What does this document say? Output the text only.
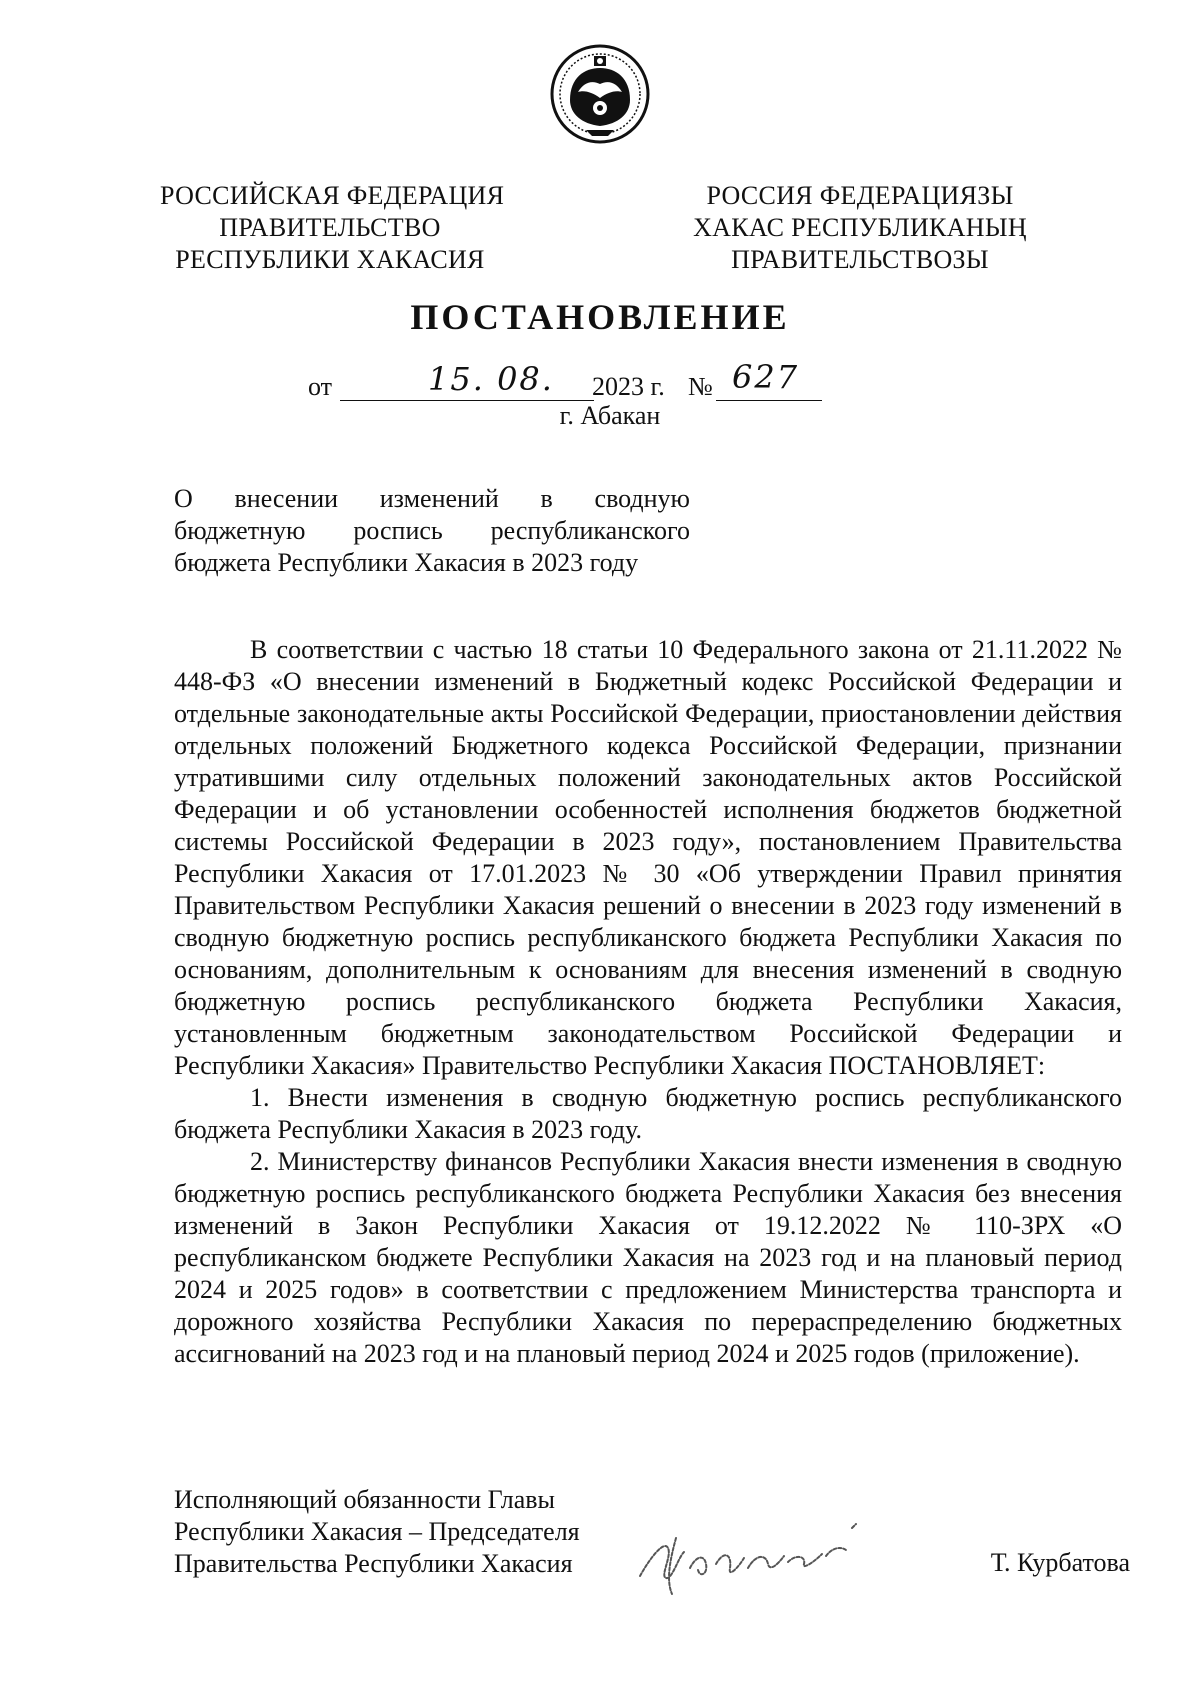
РОССИЙСКАЯ ФЕДЕРАЦИЯ
ПРАВИТЕЛЬСТВО
РЕСПУБЛИКИ ХАКАСИЯ
РОССИЯ ФЕДЕРАЦИЯЗЫ
ХАКАС РЕСПУБЛИКАНЫҢ
ПРАВИТЕЛЬСТВОЗЫ
ПОСТАНОВЛЕНИЕ
от	15. 08. 2023 г. № 627
г. Абакан
О внесении изменений в сводную
бюджетную роспись республиканского
бюджета Республики Хакасия в 2023 году

В соответствии с частью 18 статьи 10 Федерального закона от 21.11.2022 № 448-ФЗ «О внесении изменений в Бюджетный кодекс Российской Федерации и отдельные законодательные акты Российской Федерации, приостановлении действия отдельных положений Бюджетного кодекса Российской Федерации, признании утратившими силу отдельных положений законодательных актов Российской Федерации и об установлении особенностей исполнения бюджетов бюджетной системы Российской Федерации в 2023 году», постановлением Правительства Республики Хакасия от 17.01.2023 № 30 «Об утверждении Правил принятия Правительством Республики Хакасия решений о внесении в 2023 году изменений в сводную бюджетную роспись республиканского бюджета Республики Хакасия по основаниям, дополнительным к основаниям для внесения изменений в сводную бюджетную роспись республиканского бюджета Республики Хакасия, установленным бюджетным законодательством Российской Федерации и Республики Хакасия» Правительство Республики Хакасия ПОСТАНОВЛЯЕТ:

1. Внести изменения в сводную бюджетную роспись республиканского бюджета Республики Хакасия в 2023 году.

2. Министерству финансов Республики Хакасия внести изменения в сводную бюджетную роспись республиканского бюджета Республики Хакасия без внесения изменений в Закон Республики Хакасия от 19.12.2022 № 110-ЗРХ «О республиканском бюджете Республики Хакасия на 2023 год и на плановый период 2024 и 2025 годов» в соответствии с предложением Министерства транспорта и дорожного хозяйства Республики Хакасия по перераспределению бюджетных ассигнований на 2023 год и на плановый период 2024 и 2025 годов (приложение).

Исполняющий обязанности Главы
Республики Хакасия – Председателя
Правительства Республики Хакасия	Т. Курбатова
